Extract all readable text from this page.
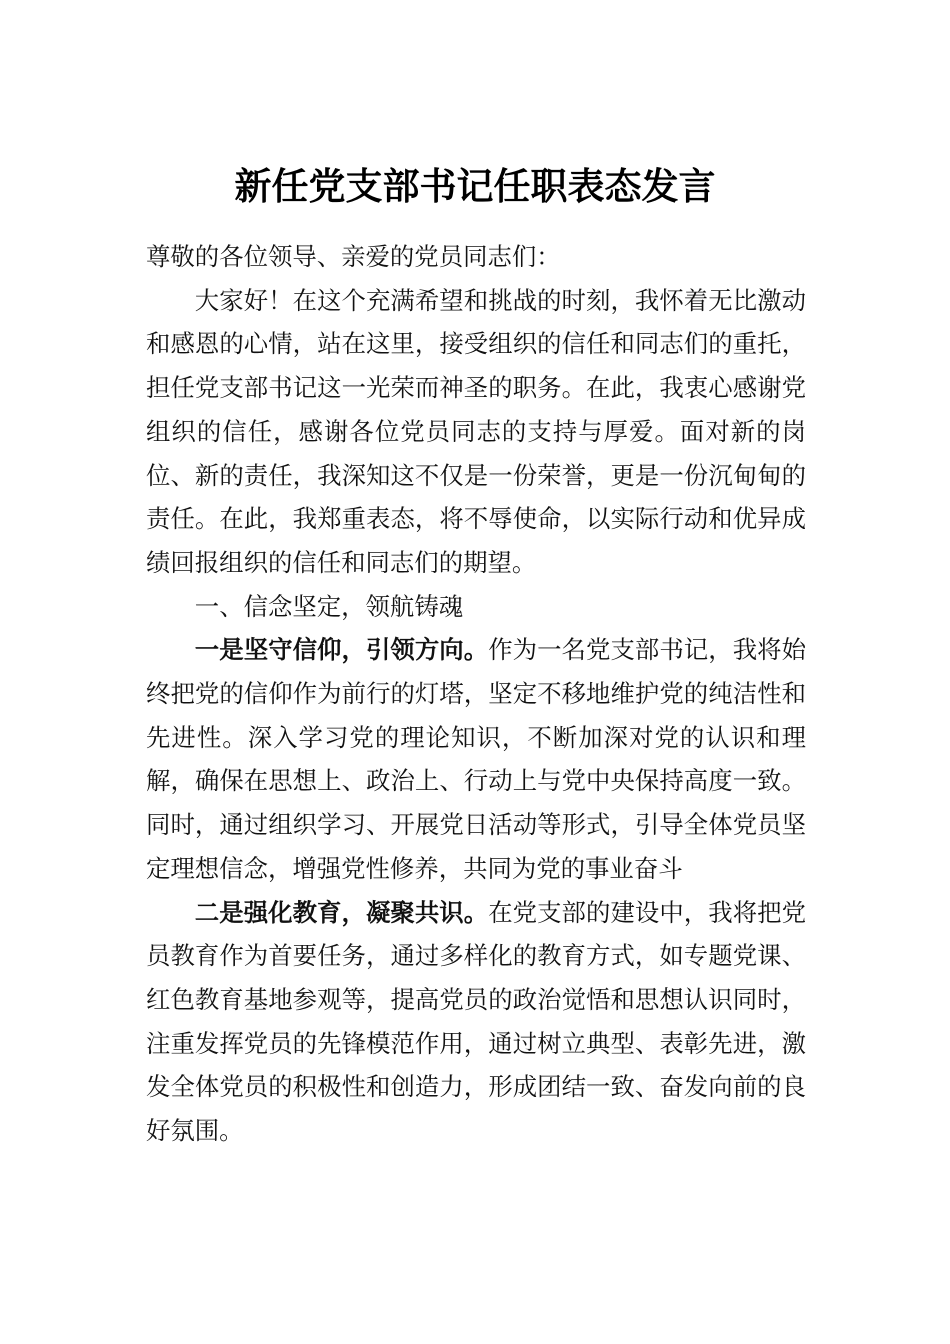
新任党支部书记任职表态发言

尊敬的各位领导、亲爱的党员同志们：

大家好！在这个充满希望和挑战的时刻，我怀着无比激动和感恩的心情，站在这里，接受组织的信任和同志们的重托，担任党支部书记这一光荣而神圣的职务。在此，我衷心感谢党组织的信任，感谢各位党员同志的支持与厚爱。面对新的岗位、新的责任，我深知这不仅是一份荣誉，更是一份沉甸甸的责任。在此，我郑重表态，将不辱使命，以实际行动和优异成绩回报组织的信任和同志们的期望。

一、信念坚定，领航铸魂

一是坚守信仰，引领方向。作为一名党支部书记，我将始终把党的信仰作为前行的灯塔，坚定不移地维护党的纯洁性和先进性。深入学习党的理论知识，不断加深对党的认识和理解，确保在思想上、政治上、行动上与党中央保持高度一致。同时，通过组织学习、开展党日活动等形式，引导全体党员坚定理想信念，增强党性修养，共同为党的事业奋斗

二是强化教育，凝聚共识。在党支部的建设中，我将把党员教育作为首要任务，通过多样化的教育方式，如专题党课、红色教育基地参观等，提高党员的政治觉悟和思想认识同时，注重发挥党员的先锋模范作用，通过树立典型、表彰先进，激发全体党员的积极性和创造力，形成团结一致、奋发向前的良好氛围。
